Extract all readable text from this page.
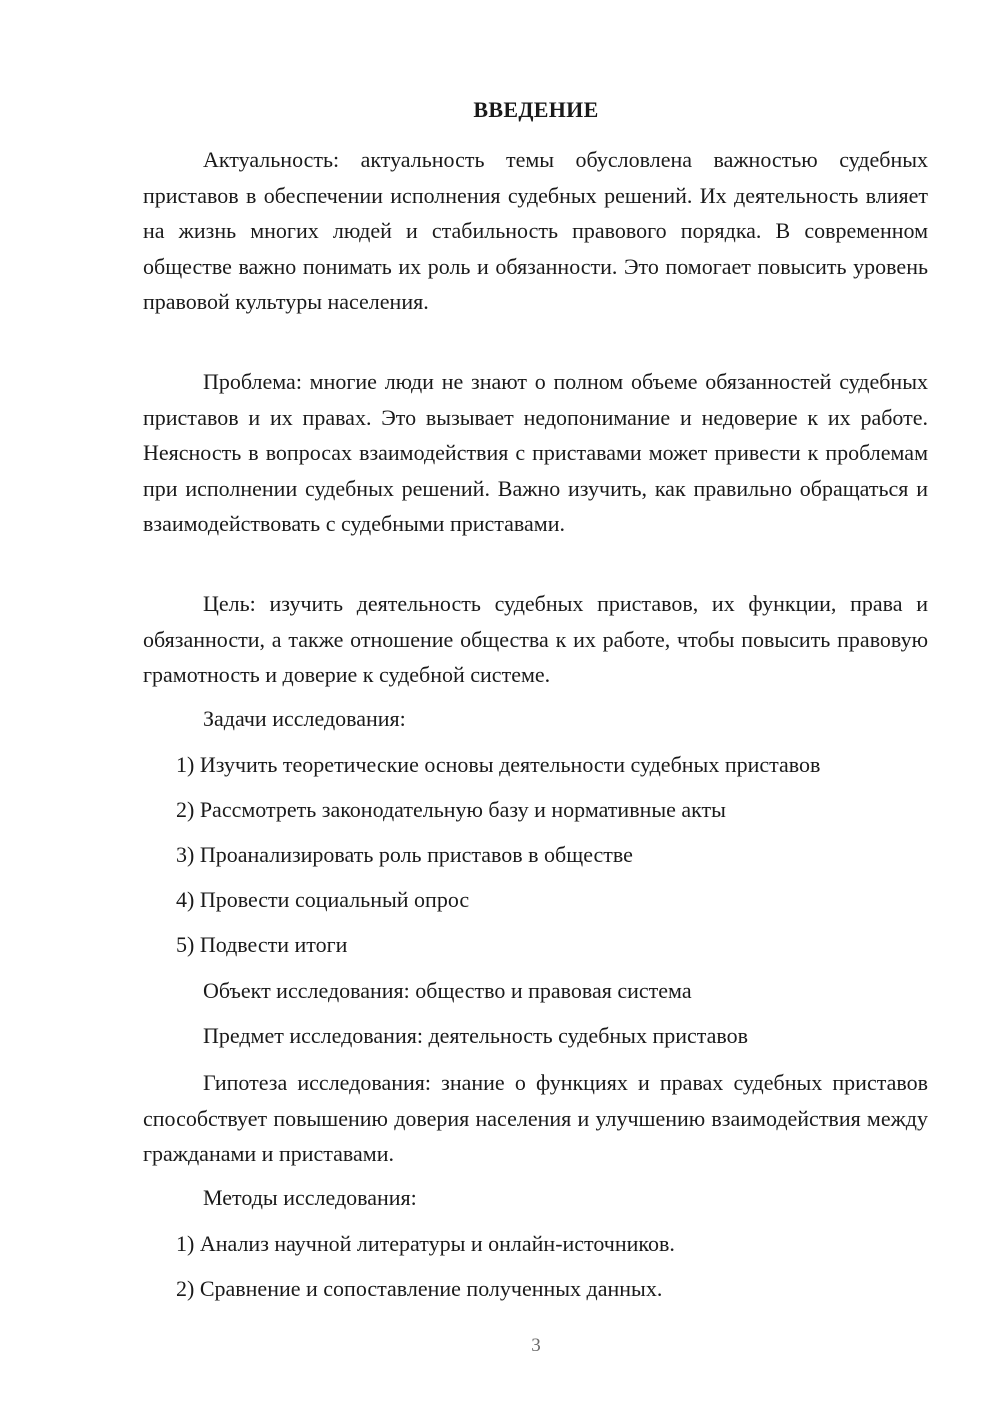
ВВЕДЕНИЕ

Актуальность: актуальность темы обусловлена важностью судебных приставов в обеспечении исполнения судебных решений. Их деятельность влияет на жизнь многих людей и стабильность правового порядка. В современном обществе важно понимать их роль и обязанности. Это помогает повысить уровень правовой культуры населения.

Проблема: многие люди не знают о полном объеме обязанностей судебных приставов и их правах. Это вызывает недопонимание и недоверие к их работе. Неясность в вопросах взаимодействия с приставами может привести к проблемам при исполнении судебных решений. Важно изучить, как правильно обращаться и взаимодействовать с судебными приставами.

Цель: изучить деятельность судебных приставов, их функции, права и обязанности, а также отношение общества к их работе, чтобы повысить правовую грамотность и доверие к судебной системе.

Задачи исследования:

1) Изучить теоретические основы деятельности судебных приставов

2) Рассмотреть законодательную базу и нормативные акты

3) Проанализировать роль приставов в обществе

4) Провести социальный опрос

5) Подвести итоги

Объект исследования: общество и правовая система

Предмет исследования: деятельность судебных приставов

Гипотеза исследования: знание о функциях и правах судебных приставов способствует повышению доверия населения и улучшению взаимодействия между гражданами и приставами.

Методы исследования:

1) Анализ научной литературы и онлайн-источников.

2) Сравнение и сопоставление полученных данных.

3
